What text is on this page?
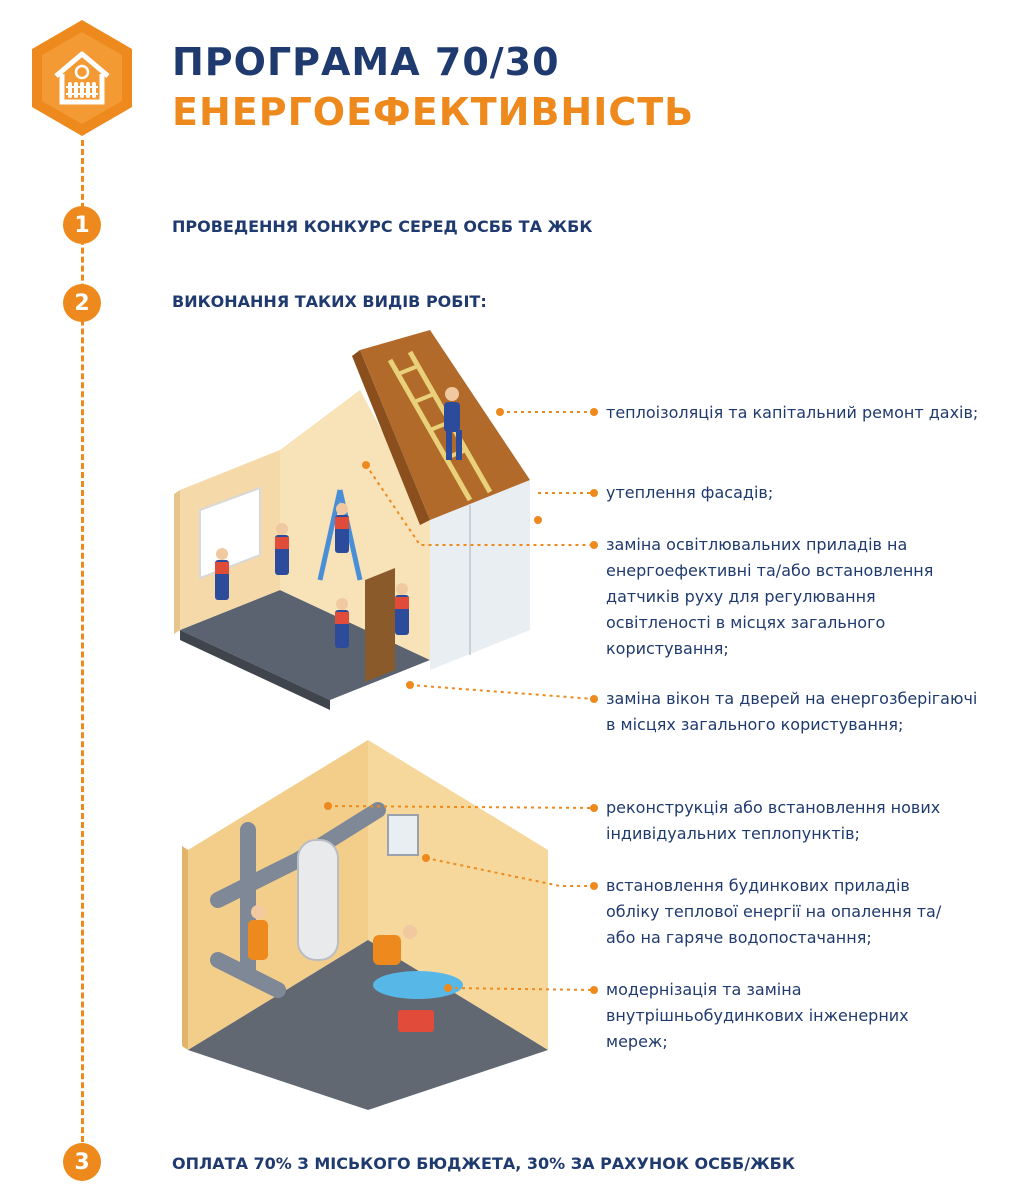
ПРОГРАМА 70/30
ЕНЕРГОЕФЕКТИВНІСТЬ
1	ПРОВЕДЕННЯ КОНКУРС СЕРЕД ОСББ ТА ЖБК
2	ВИКОНАННЯ ТАКИХ ВИДІВ РОБІТ:
3	ОПЛАТА 70% З МІСЬКОГО БЮДЖЕТА, 30% ЗА РАХУНОК ОСББ/ЖБК
теплоізоляція та капітальний ремонт дахів;
утеплення фасадів;
заміна освітлювальних приладів на енергоефективні та/або встановлення датчиків руху для регулювання освітленості в місцях загального користування;
заміна вікон та дверей на енергозберігаючі в місцях загального користування;
реконструкція або встановлення нових індивідуальних теплопунктів;
встановлення будинкових приладів обліку теплової енергії на опалення та/або на гаряче водопостачання;
модернізація та заміна внутрішньобудинкових інженерних мереж;
